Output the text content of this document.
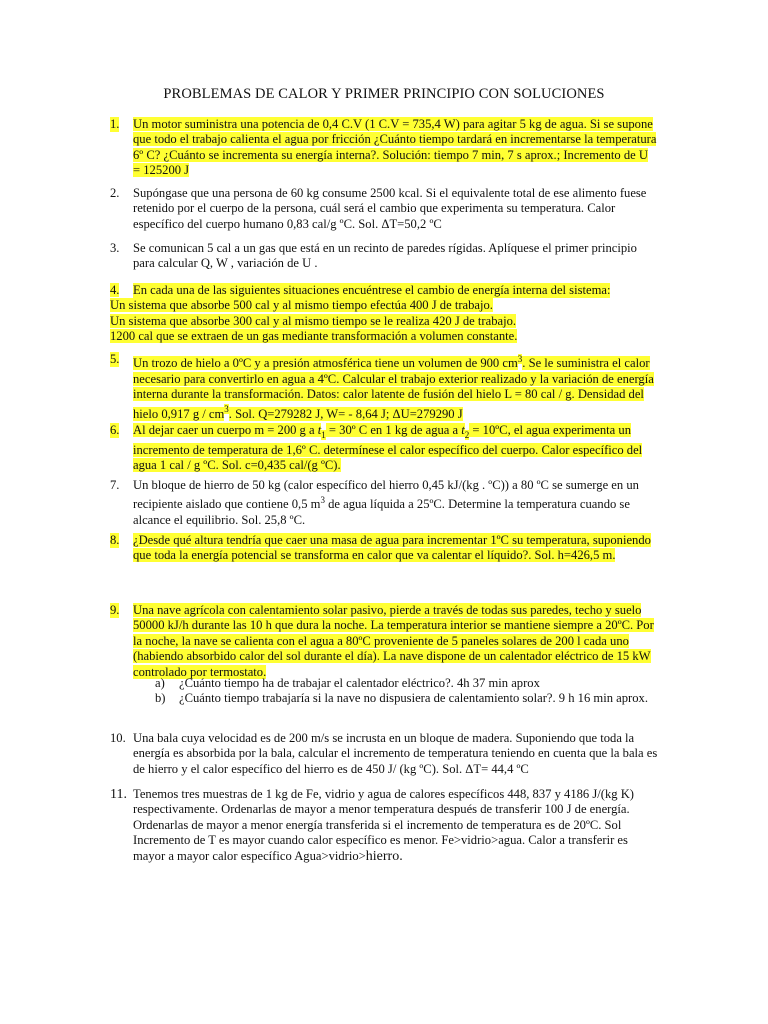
PROBLEMAS DE CALOR Y PRIMER PRINCIPIO CON SOLUCIONES
1. Un motor suministra una potencia de 0,4 C.V (1 C.V = 735,4 W) para agitar 5 kg de agua. Si se supone que todo el trabajo calienta el agua por fricción ¿Cuánto tiempo tardará en incrementarse la temperatura 6º C? ¿Cuánto se incrementa su energía interna?. Solución: tiempo 7 min, 7 s aprox.; Incremento de U = 125200 J
2. Supóngase que una persona de 60 kg consume 2500 kcal. Si el equivalente total de ese alimento fuese retenido por el cuerpo de la persona, cuál será el cambio que experimenta su temperatura. Calor específico del cuerpo humano 0,83 cal/g ºC. Sol. ΔT=50,2 ºC
3. Se comunican 5 cal a un gas que está en un recinto de paredes rígidas. Aplíquese el primer principio para calcular Q, W , variación de U .
4. En cada una de las siguientes situaciones encuéntrese el cambio de energía interna del sistema:
Un sistema que absorbe 500 cal y al mismo tiempo efectúa 400 J de trabajo.
Un sistema que absorbe 300 cal y al mismo tiempo se le realiza 420 J de trabajo.
1200 cal que se extraen de un gas mediante transformación a volumen constante.
5. Un trozo de hielo a 0ºC y a presión atmosférica tiene un volumen de 900 $cm^3$. Se le suministra el calor necesario para convertirlo en agua a 4ºC. Calcular el trabajo exterior realizado y la variación de energía interna durante la transformación. Datos: calor latente de fusión del hielo L = 80 cal / g. Densidad del hielo 0,917 g / $cm^3$. Sol. Q=279282 J, W= - 8,64 J; ΔU=279290 J
6. Al dejar caer un cuerpo m = 200 g a $t_1$ = 30º C en 1 kg de agua a $t_2$ = 10ºC, el agua experimenta un incremento de temperatura de 1,6º C. determínese el calor específico del cuerpo. Calor específico del agua 1 cal / g ºC. Sol. c=0,435 cal/(g ºC).
7. Un bloque de hierro de 50 kg (calor específico del hierro 0,45 kJ/(kg . ºC)) a 80 ºC se sumerge en un recipiente aislado que contiene 0,5 $m^3$ de agua líquida a 25ºC. Determine la temperatura cuando se alcance el equilibrio. Sol. 25,8 ºC.
8. ¿Desde qué altura tendría que caer una masa de agua para incrementar 1ºC su temperatura, suponiendo que toda la energía potencial se transforma en calor que va calentar el líquido?. Sol. h=426,5 m.
9. Una nave agrícola con calentamiento solar pasivo, pierde a través de todas sus paredes, techo y suelo 50000 kJ/h durante las 10 h que dura la noche. La temperatura interior se mantiene siempre a 20ºC. Por la noche, la nave se calienta con el agua a 80ºC proveniente de 5 paneles solares de 200 l cada uno (habiendo absorbido calor del sol durante el día). La nave dispone de un calentador eléctrico de 15 kW controlado por termostato.
a) ¿Cuánto tiempo ha de trabajar el calentador eléctrico?. 4h 37 min aprox
b) ¿Cuánto tiempo trabajaría si la nave no dispusiera de calentamiento solar?. 9 h 16 min aprox.
10. Una bala cuya velocidad es de 200 m/s se incrusta en un bloque de madera. Suponiendo que toda la energía es absorbida por la bala, calcular el incremento de temperatura teniendo en cuenta que la bala es de hierro y el calor específico del hierro es de 450 J/ (kg ºC). Sol. ΔT= 44,4 ºC
11. Tenemos tres muestras de 1 kg de Fe, vidrio y agua de calores específicos 448, 837 y 4186 J/(kg K) respectivamente. Ordenarlas de mayor a menor temperatura después de transferir 100 J de energía. Ordenarlas de mayor a menor energía transferida si el incremento de temperatura es de 20ºC. Sol Incremento de T es mayor cuando calor específico es menor. Fe>vidrio>agua. Calor a transferir es mayor a mayor calor específico Agua>vidrio>hierro.
